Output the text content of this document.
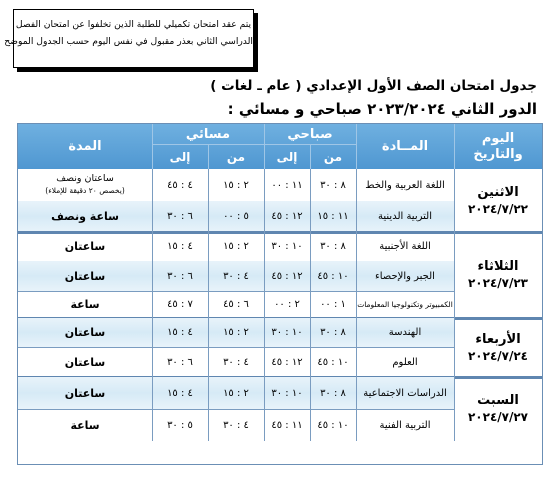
يتم عقد امتحان تكميلي للطلبة الذين تخلفوا عن امتحان الفصل
الدراسي الثاني بعذر مقبول في نفس اليوم حسب الجدول الموضح
جدول امتحان الصف الأول الإعدادي ( عام ـ لغات )
الدور الثاني ٢٠٢٣/٢٠٢٤ صباحي و مسائي :
اليوم والتاريخ
المــادة
صباحي
مسائي
من
إلى
من
إلى
المدة
اللغة العربية والخط
٨ : ٣٠
١١ : ٠٠
٢ : ١٥
٤ : ٤٥
ساعتان ونصف
(يخصص ٢٠ دقيقة للإملاء)
التربية الدينية
١١ : ١٥
١٢ : ٤٥
٥ : ٠٠
٦ : ٣٠
ساعة ونصف
الاثنين
٢٠٢٤/٧/٢٢
اللغة الأجنبية
٨ : ٣٠
١٠ : ٣٠
٢ : ١٥
٤ : ١٥
ساعتان
الجبر والإحصاء
١٠ : ٤٥
١٢ : ٤٥
٤ : ٣٠
٦ : ٣٠
ساعتان
الكمبيوتر وتكنولوجيا المعلومات
١ : ٠٠
٢ : ٠٠
٦ : ٤٥
٧ : ٤٥
ساعة
الثلاثاء
٢٠٢٤/٧/٢٣
الهندسة
٨ : ٣٠
١٠ : ٣٠
٢ : ١٥
٤ : ١٥
ساعتان
العلوم
١٠ : ٤٥
١٢ : ٤٥
٤ : ٣٠
٦ : ٣٠
ساعتان
الأربعاء
٢٠٢٤/٧/٢٤
الدراسات الاجتماعية
٨ : ٣٠
١٠ : ٣٠
٢ : ١٥
٤ : ١٥
ساعتان
التربية الفنية
١٠ : ٤٥
١١ : ٤٥
٤ : ٣٠
٥ : ٣٠
ساعة
السبت
٢٠٢٤/٧/٢٧
